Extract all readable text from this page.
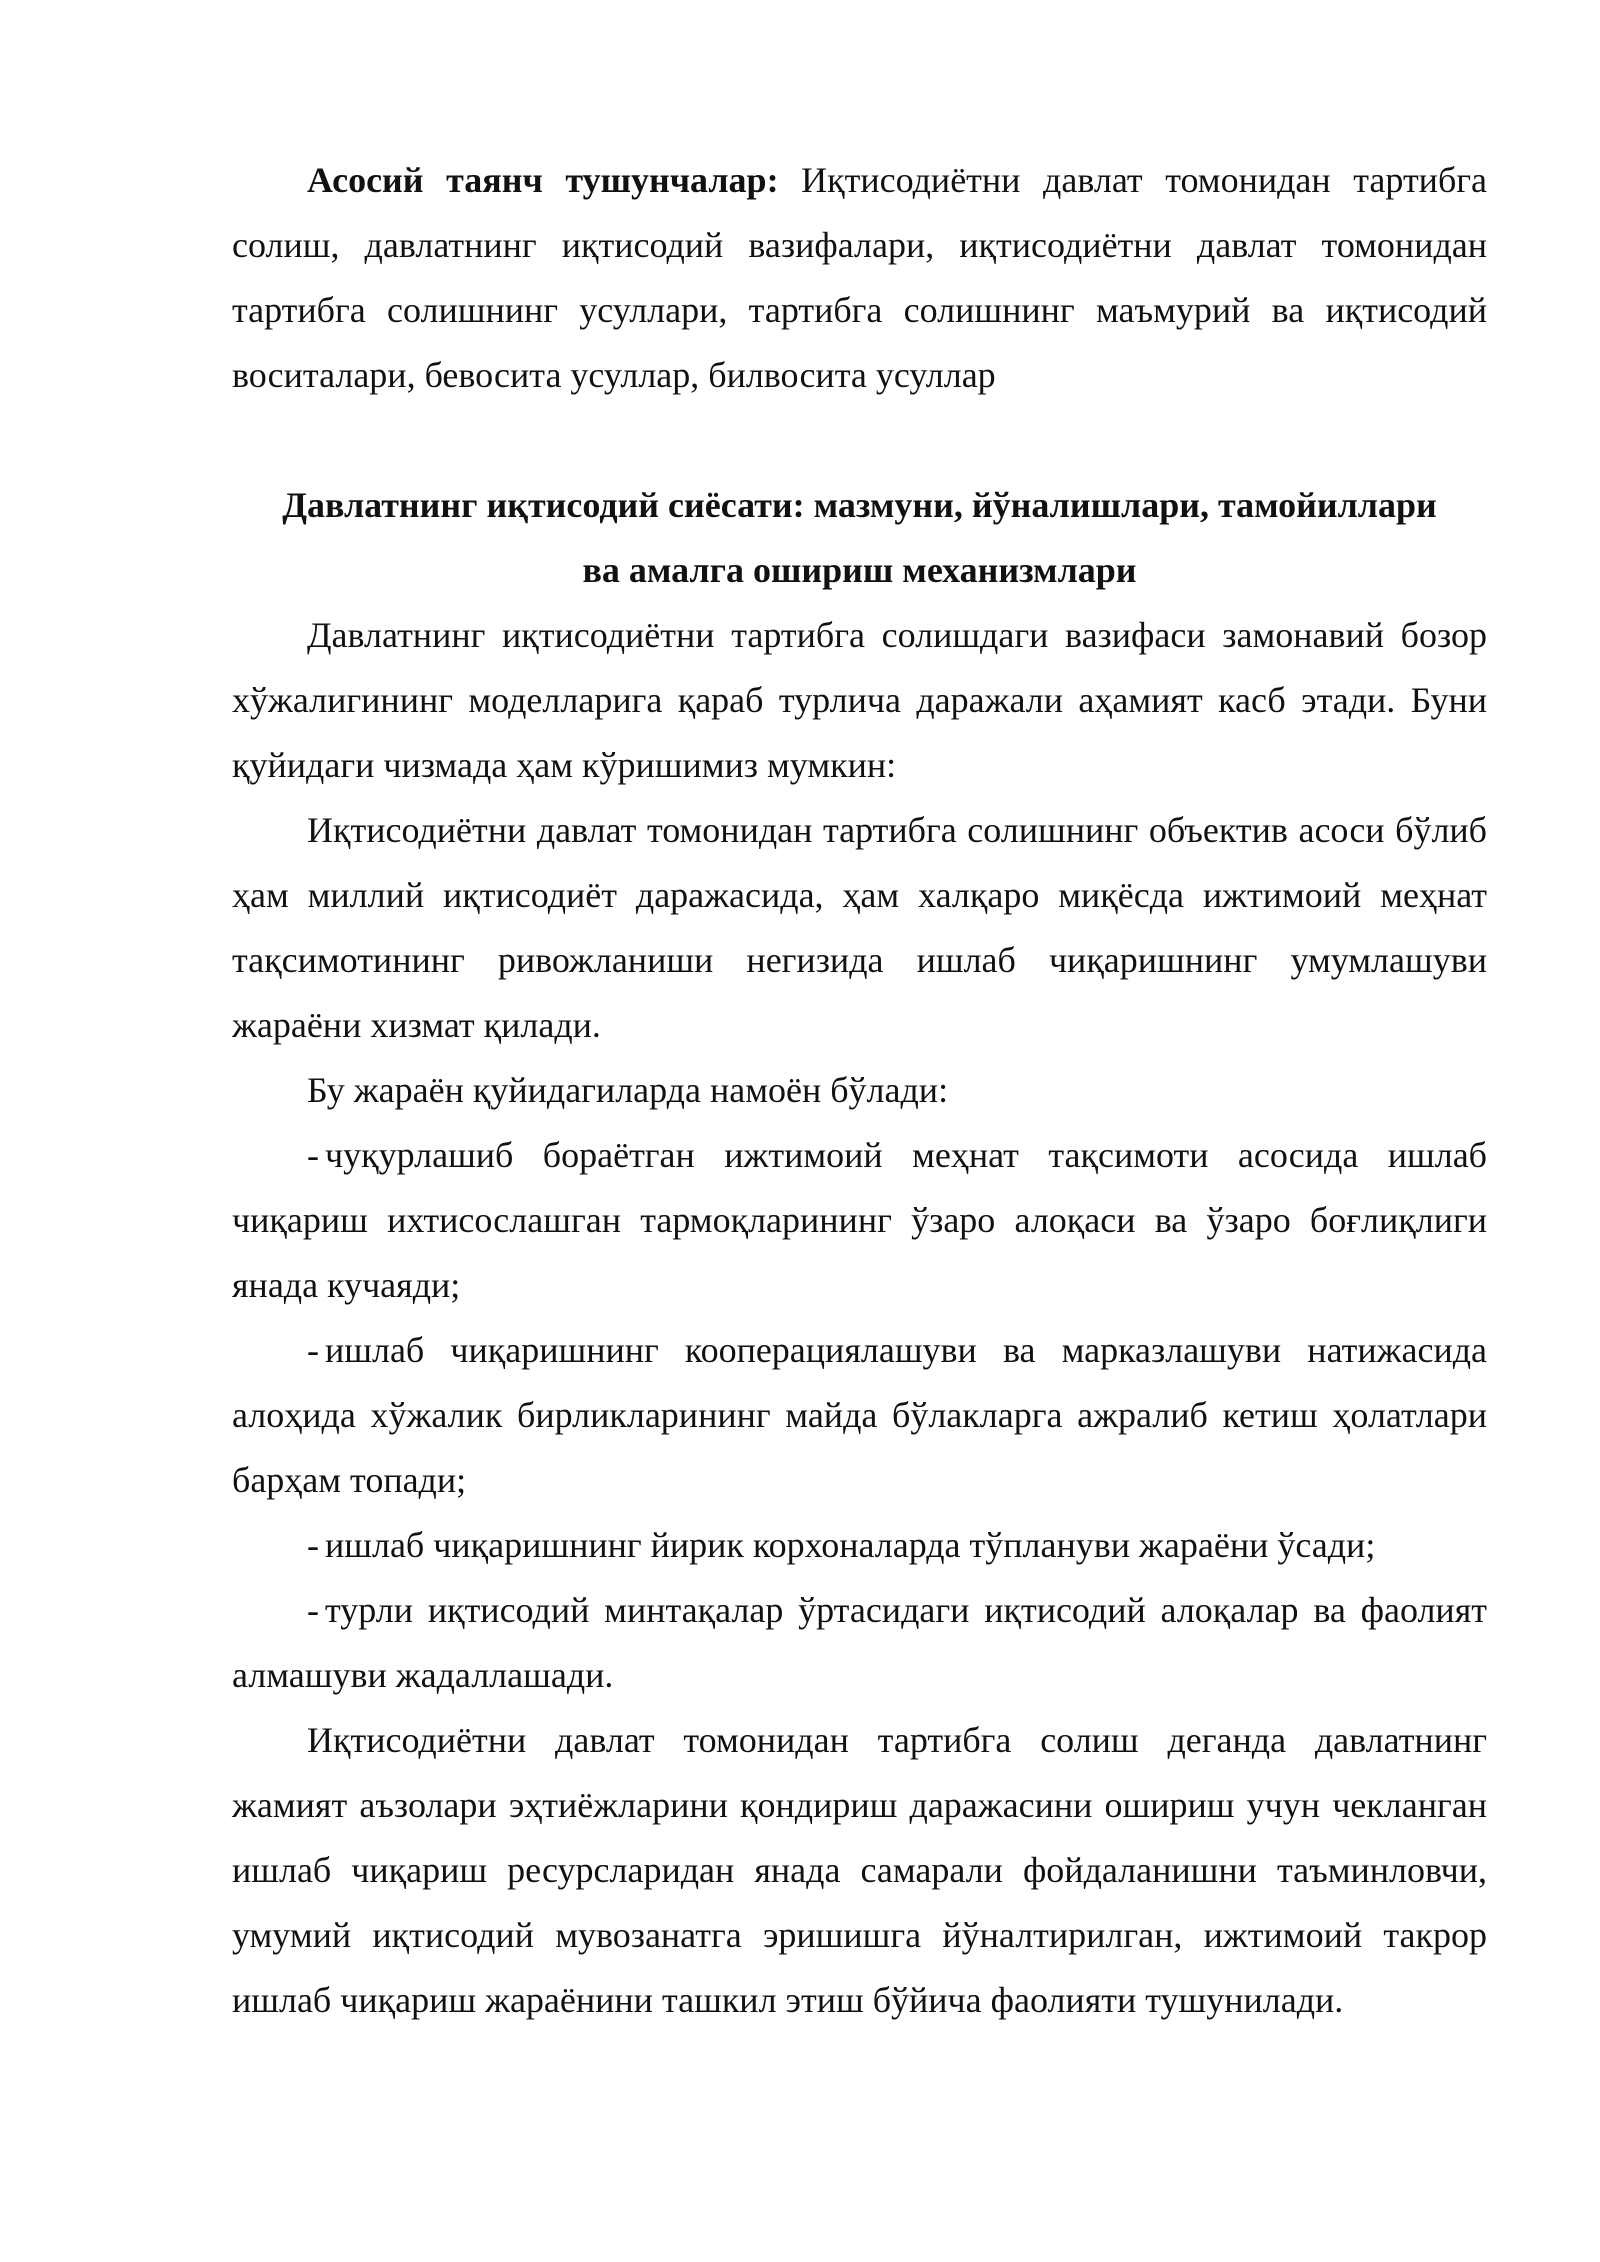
Асосий таянч тушунчалар: Иқтисодиётни давлат томонидан тартибга солиш, давлатнинг иқтисодий вазифалари, иқтисодиётни давлат томонидан тартибга солишнинг усуллари, тартибга солишнинг маъмурий ва иқтисодий воситалари, бевосита усуллар, билвосита усуллар

Давлатнинг иқтисодий сиёсати: мазмуни, йўналишлари, тамойиллари

ва амалга ошириш механизмлари

Давлатнинг иқтисодиётни тартибга солишдаги вазифаси замонавий бозор хўжалигининг моделларига қараб турлича даражали аҳамият касб этади. Буни қуйидаги чизмада ҳам кўришимиз мумкин:

Иқтисодиётни давлат томонидан тартибга солишнинг объектив асоси бўлиб ҳам миллий иқтисодиёт даражасида, ҳам халқаро миқёсда ижтимоий меҳнат тақсимотининг ривожланиши негизида ишлаб чиқаришнинг умумлашуви жараёни хизмат қилади.

Бу жараён қуйидагиларда намоён бўлади:

- чуқурлашиб бораётган ижтимоий меҳнат тақсимоти асосида ишлаб чиқариш ихтисослашган тармоқларининг ўзаро алоқаси ва ўзаро боғлиқлиги янада кучаяди;

- ишлаб чиқаришнинг кооперациялашуви ва марказлашуви натижасида алоҳида хўжалик бирликларининг майда бўлакларга ажралиб кетиш ҳолатлари барҳам топади;

- ишлаб чиқаришнинг йирик корхоналарда тўплануви жараёни ўсади;

- турли иқтисодий минтақалар ўртасидаги иқтисодий алоқалар ва фаолият алмашуви жадаллашади.

Иқтисодиётни давлат томонидан тартибга солиш деганда давлатнинг жамият аъзолари эҳтиёжларини қондириш даражасини ошириш учун чекланган ишлаб чиқариш ресурсларидан янада самарали фойдаланишни таъминловчи, умумий иқтисодий мувозанатга эришишга йўналтирилган, ижтимоий такрор ишлаб чиқариш жараёнини ташкил этиш бўйича фаолияти тушунилади.
